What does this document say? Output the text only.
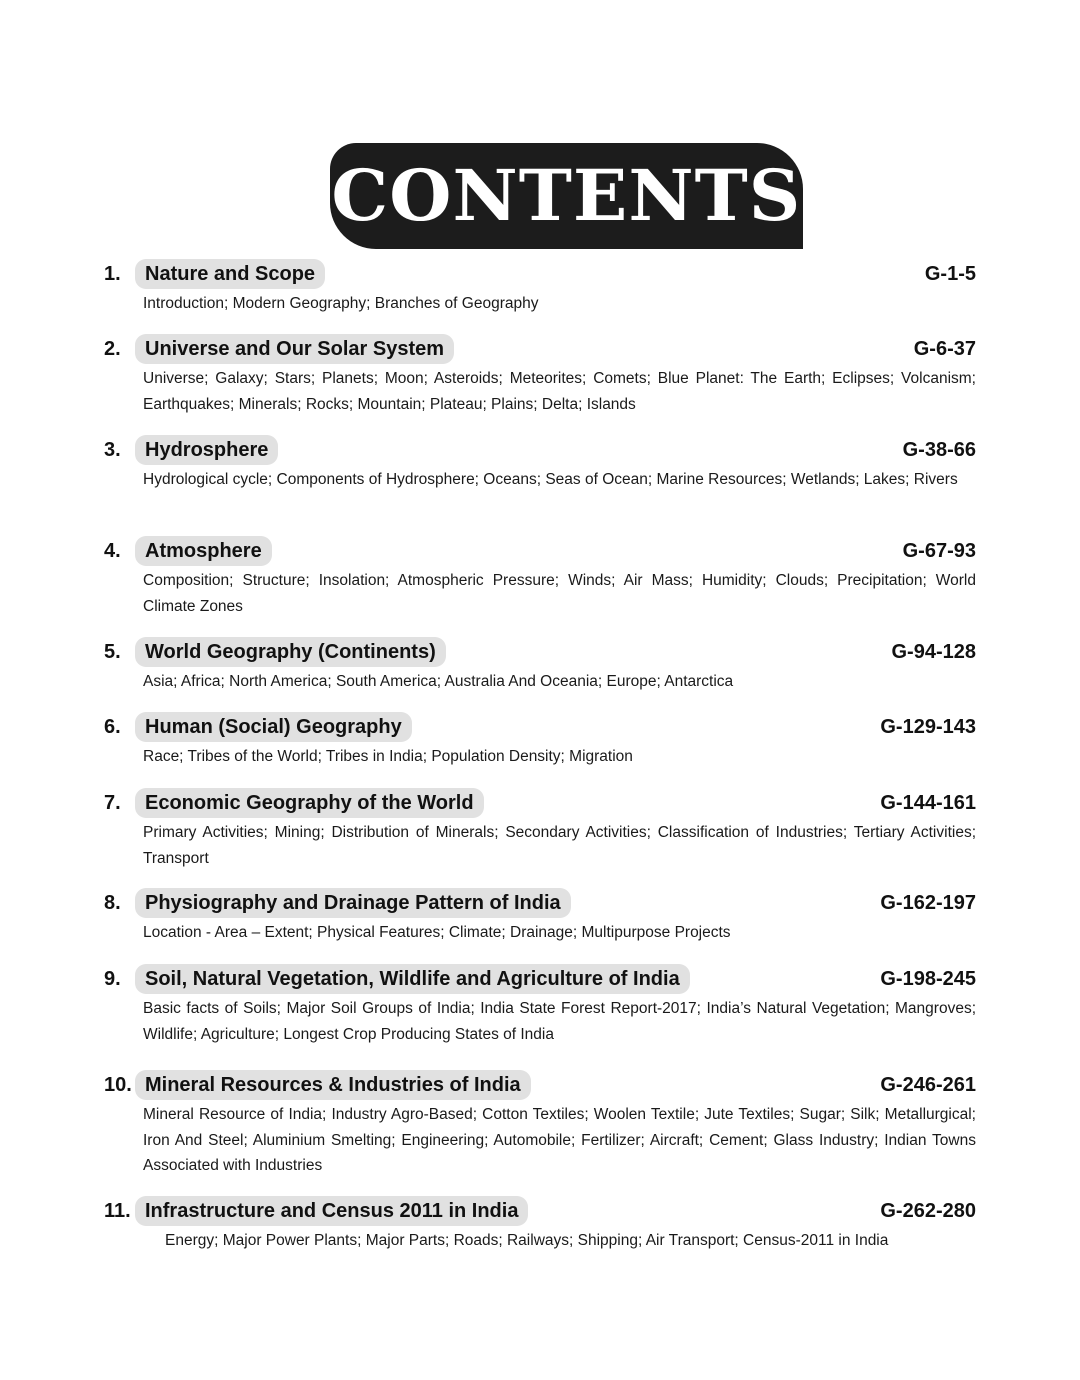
CONTENTS
1.	Nature and Scope	G-1-5

Introduction; Modern Geography; Branches of Geography

2.	Universe and Our Solar System	G-6-37

Universe; Galaxy; Stars; Planets; Moon; Asteroids; Meteorites; Comets; Blue Planet: The Earth; Eclipses; Volcanism; Earthquakes; Minerals; Rocks; Mountain; Plateau; Plains; Delta; Islands

3.	Hydrosphere	G-38-66

Hydrological cycle; Components of Hydrosphere; Oceans; Seas of Ocean; Marine Resources; Wetlands; Lakes; Rivers

4.	Atmosphere	G-67-93

Composition; Structure; Insolation; Atmospheric Pressure; Winds; Air Mass; Humidity; Clouds; Precipitation; World Climate Zones

5.	World Geography (Continents)	G-94-128

Asia; Africa; North America; South America; Australia And Oceania; Europe; Antarctica

6.	Human (Social) Geography	G-129-143

Race; Tribes of the World; Tribes in India; Population Density; Migration

7.	Economic Geography of the World	G-144-161

Primary Activities; Mining; Distribution of Minerals; Secondary Activities; Classification of Industries; Tertiary Activities; Transport

8.	Physiography and Drainage Pattern of India	G-162-197

Location - Area – Extent; Physical Features; Climate; Drainage; Multipurpose Projects

9.	Soil, Natural Vegetation, Wildlife and Agriculture of India	G-198-245

Basic facts of Soils; Major Soil Groups of India; India State Forest Report-2017; India’s Natural Vegetation; Mangroves; Wildlife; Agriculture; Longest Crop Producing States of India

10. Mineral Resources & Industries of India	G-246-261

Mineral Resource of India; Industry Agro-Based; Cotton Textiles; Woolen Textile; Jute Textiles; Sugar; Silk; Metallurgical; Iron And Steel; Aluminium Smelting; Engineering; Automobile; Fertilizer; Aircraft; Cement; Glass Industry; Indian Towns Associated with Industries

11. Infrastructure and Census 2011 in India	G-262-280

Energy; Major Power Plants; Major Parts; Roads; Railways; Shipping; Air Transport; Census-2011 in India
